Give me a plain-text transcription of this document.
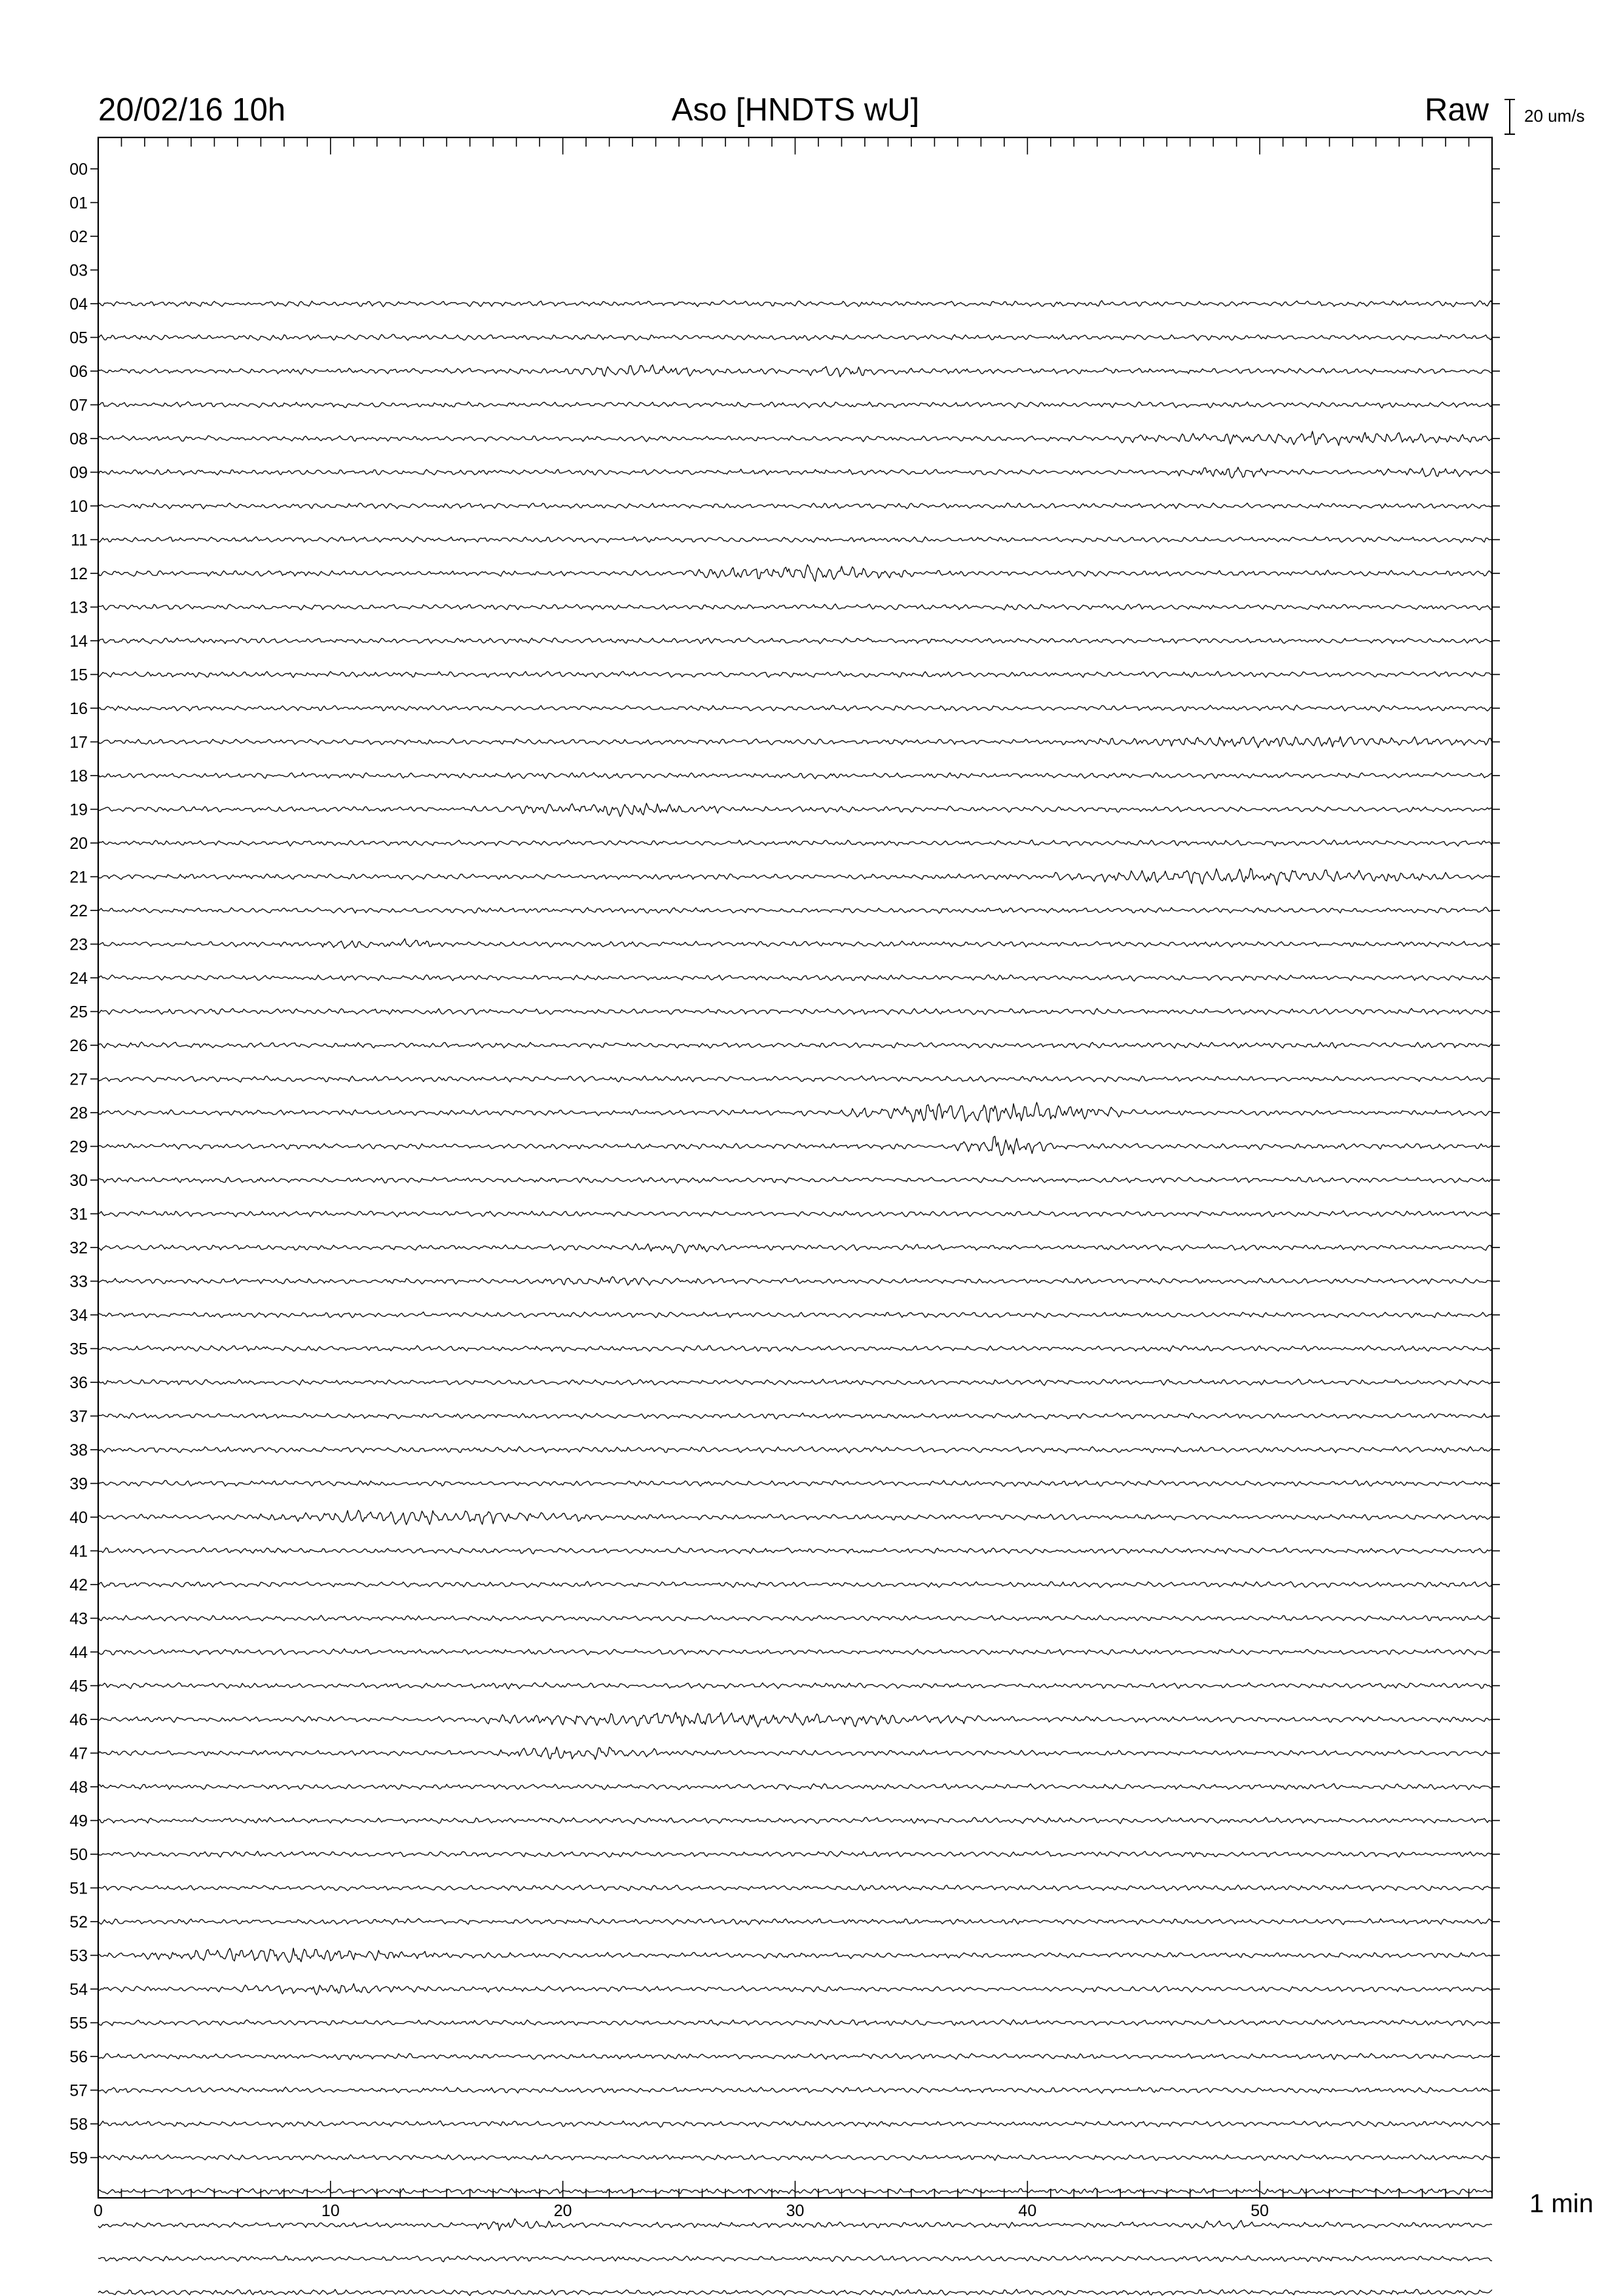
00
01
02
03
04
05
06
07
08
09
10
11
12
13
14
15
16
17
18
19
20
21
22
23
24
25
26
27
28
29
30
31
32
33
34
35
36
37
38
39
40
41
42
43
44
45
46
47
48
49
50
51
52
53
54
55
56
57
58
59
0	10	20	30	40	50
20/02/16 10h	Aso [HNDTS wU]	Raw 20 um/s
1 min
